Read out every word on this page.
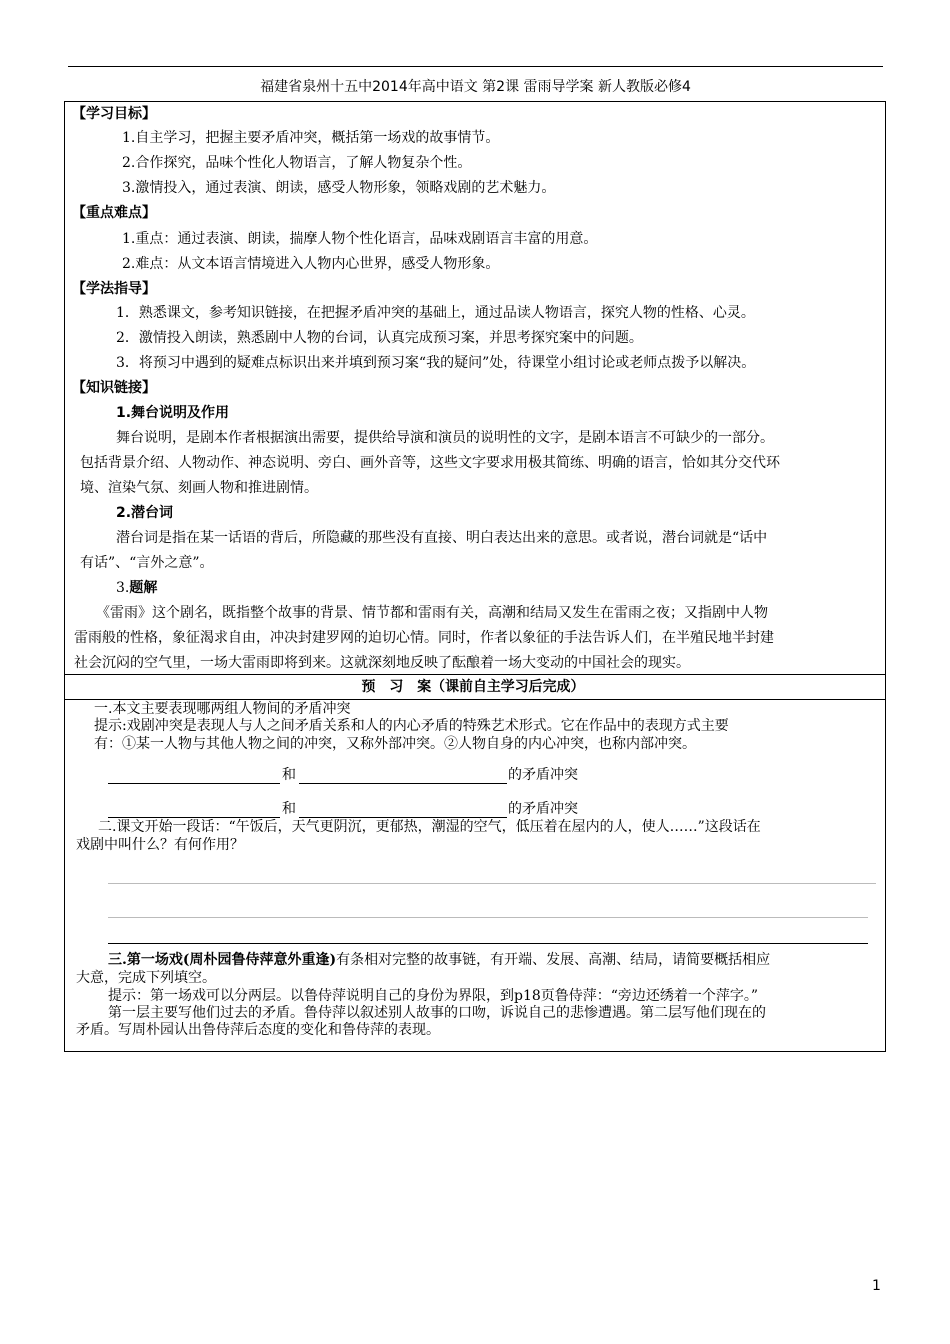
福建省泉州十五中2014年高中语文 第2课 雷雨导学案 新人教版必修4
【学习目标】
1.自主学习，把握主要矛盾冲突，概括第一场戏的故事情节。
2.合作探究，品味个性化人物语言，了解人物复杂个性。
3.激情投入，通过表演、朗读，感受人物形象，领略戏剧的艺术魅力。
【重点难点】
1.重点：通过表演、朗读，揣摩人物个性化语言，品味戏剧语言丰富的用意。
2.难点：从文本语言情境进入人物内心世界，感受人物形象。
【学法指导】
1．熟悉课文，参考知识链接，在把握矛盾冲突的基础上，通过品读人物语言，探究人物的性格、心灵。
2．激情投入朗读，熟悉剧中人物的台词，认真完成预习案，并思考探究案中的问题。
3．将预习中遇到的疑难点标识出来并填到预习案“我的疑问”处，待课堂小组讨论或老师点拨予以解决。
【知识链接】
1.舞台说明及作用
舞台说明，是剧本作者根据演出需要，提供给导演和演员的说明性的文字，是剧本语言不可缺少的一部分。
包括背景介绍、人物动作、神态说明、旁白、画外音等，这些文字要求用极其简练、明确的语言，恰如其分交代环
境、渲染气氛、刻画人物和推进剧情。
2.潜台词
潜台词是指在某一话语的背后，所隐藏的那些没有直接、明白表达出来的意思。或者说，潜台词就是“话中
有话”、“言外之意”。
3.题解
《雷雨》这个剧名，既指整个故事的背景、情节都和雷雨有关，高潮和结局又发生在雷雨之夜；又指剧中人物
雷雨般的性格，象征渴求自由，冲决封建罗网的迫切心情。同时，作者以象征的手法告诉人们，在半殖民地半封建
社会沉闷的空气里，一场大雷雨即将到来。这就深刻地反映了酝酿着一场大变动的中国社会的现实。
预　习　案（课前自主学习后完成）
一.本文主要表现哪两组人物间的矛盾冲突
提示:戏剧冲突是表现人与人之间矛盾关系和人的内心矛盾的特殊艺术形式。它在作品中的表现方式主要
有：①某一人物与其他人物之间的冲突，又称外部冲突。②人物自身的内心冲突，也称内部冲突。
和	的矛盾冲突
和	的矛盾冲突
二.课文开始一段话：“午饭后，天气更阴沉，更郁热，潮湿的空气，低压着在屋内的人，使人……”这段话在
戏剧中叫什么？有何作用？
三.第一场戏(周朴园鲁侍萍意外重逢)有条相对完整的故事链，有开端、发展、高潮、结局，请简要概括相应
大意，完成下列填空。
提示：第一场戏可以分两层。以鲁侍萍说明自己的身份为界限，到p18页鲁侍萍：“旁边还绣着一个萍字。”
第一层主要写他们过去的矛盾。鲁侍萍以叙述别人故事的口吻，诉说自己的悲惨遭遇。第二层写他们现在的
矛盾。写周朴园认出鲁侍萍后态度的变化和鲁侍萍的表现。
1
